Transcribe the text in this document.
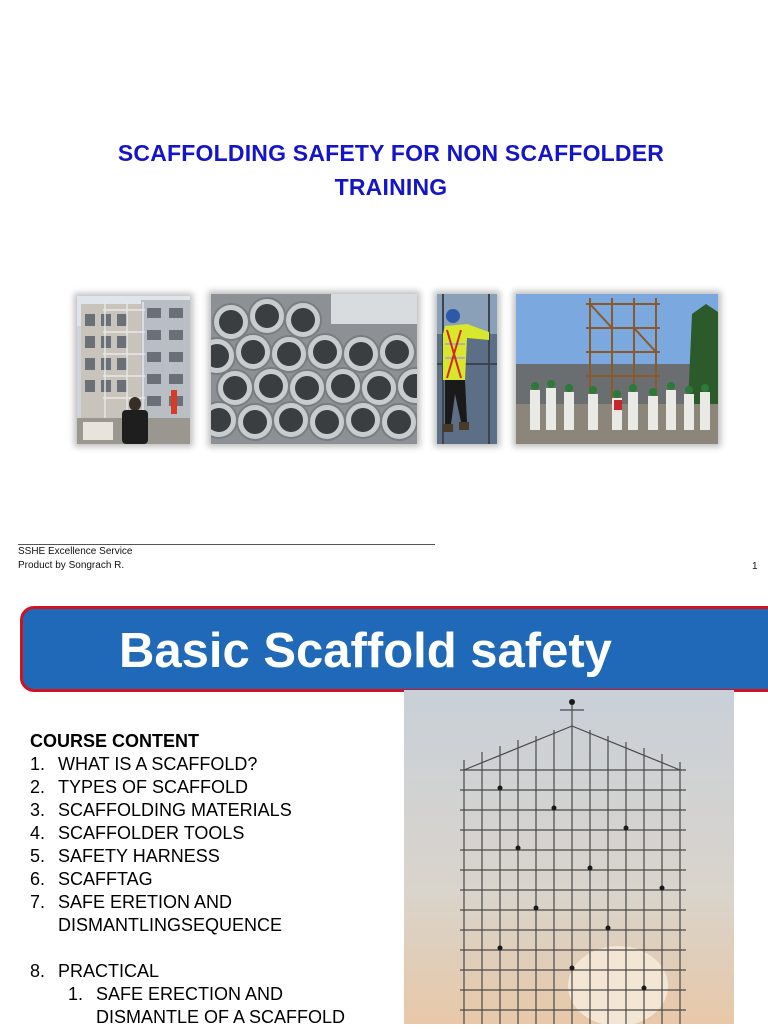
SCAFFOLDING SAFETY FOR NON SCAFFOLDER
TRAINING
SSHE Excellence Service
Product by Songrach R.	1
Basic Scaffold safety
COURSE CONTENT
1. WHAT IS A SCAFFOLD?
2. TYPES OF SCAFFOLD
3. SCAFFOLDING MATERIALS
4. SCAFFOLDER TOOLS
5. SAFETY HARNESS
6. SCAFFTAG
7. SAFE ERETION AND
DISMANTLINGSEQUENCE
8. PRACTICAL
1. SAFE ERECTION AND
DISMANTLE OF A SCAFFOLD
